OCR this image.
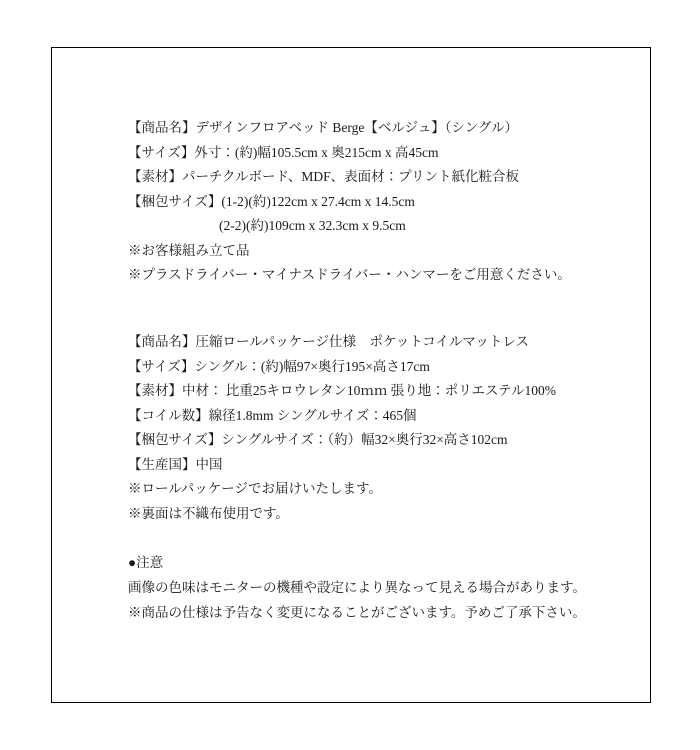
【商品名】デザインフロアベッド Berge【ベルジュ】（シングル）
【サイズ】外寸：(約)幅105.5cm x 奥215cm x 高45cm
【素材】パーチクルボード、MDF、表面材：プリント紙化粧合板
【梱包サイズ】(1-2)(約)122cm x 27.4cm x 14.5cm
(2-2)(約)109cm x 32.3cm x 9.5cm
※お客様組み立て品
※プラスドライバー・マイナスドライバー・ハンマーをご用意ください。
【商品名】圧縮ロールパッケージ仕様　ポケットコイルマットレス
【サイズ】シングル：(約)幅97×奥行195×高さ17cm
【素材】中材： 比重25キロウレタン10ｍｍ 張り地：ポリエステル100%
【コイル数】線径1.8mm シングルサイズ：465個
【梱包サイズ】シングルサイズ：（約）幅32×奥行32×高さ102cm
【生産国】中国
※ロールパッケージでお届けいたします。
※裏面は不織布使用です。
●注意
画像の色味はモニターの機種や設定により異なって見える場合があります。
※商品の仕様は予告なく変更になることがございます。予めご了承下さい。
